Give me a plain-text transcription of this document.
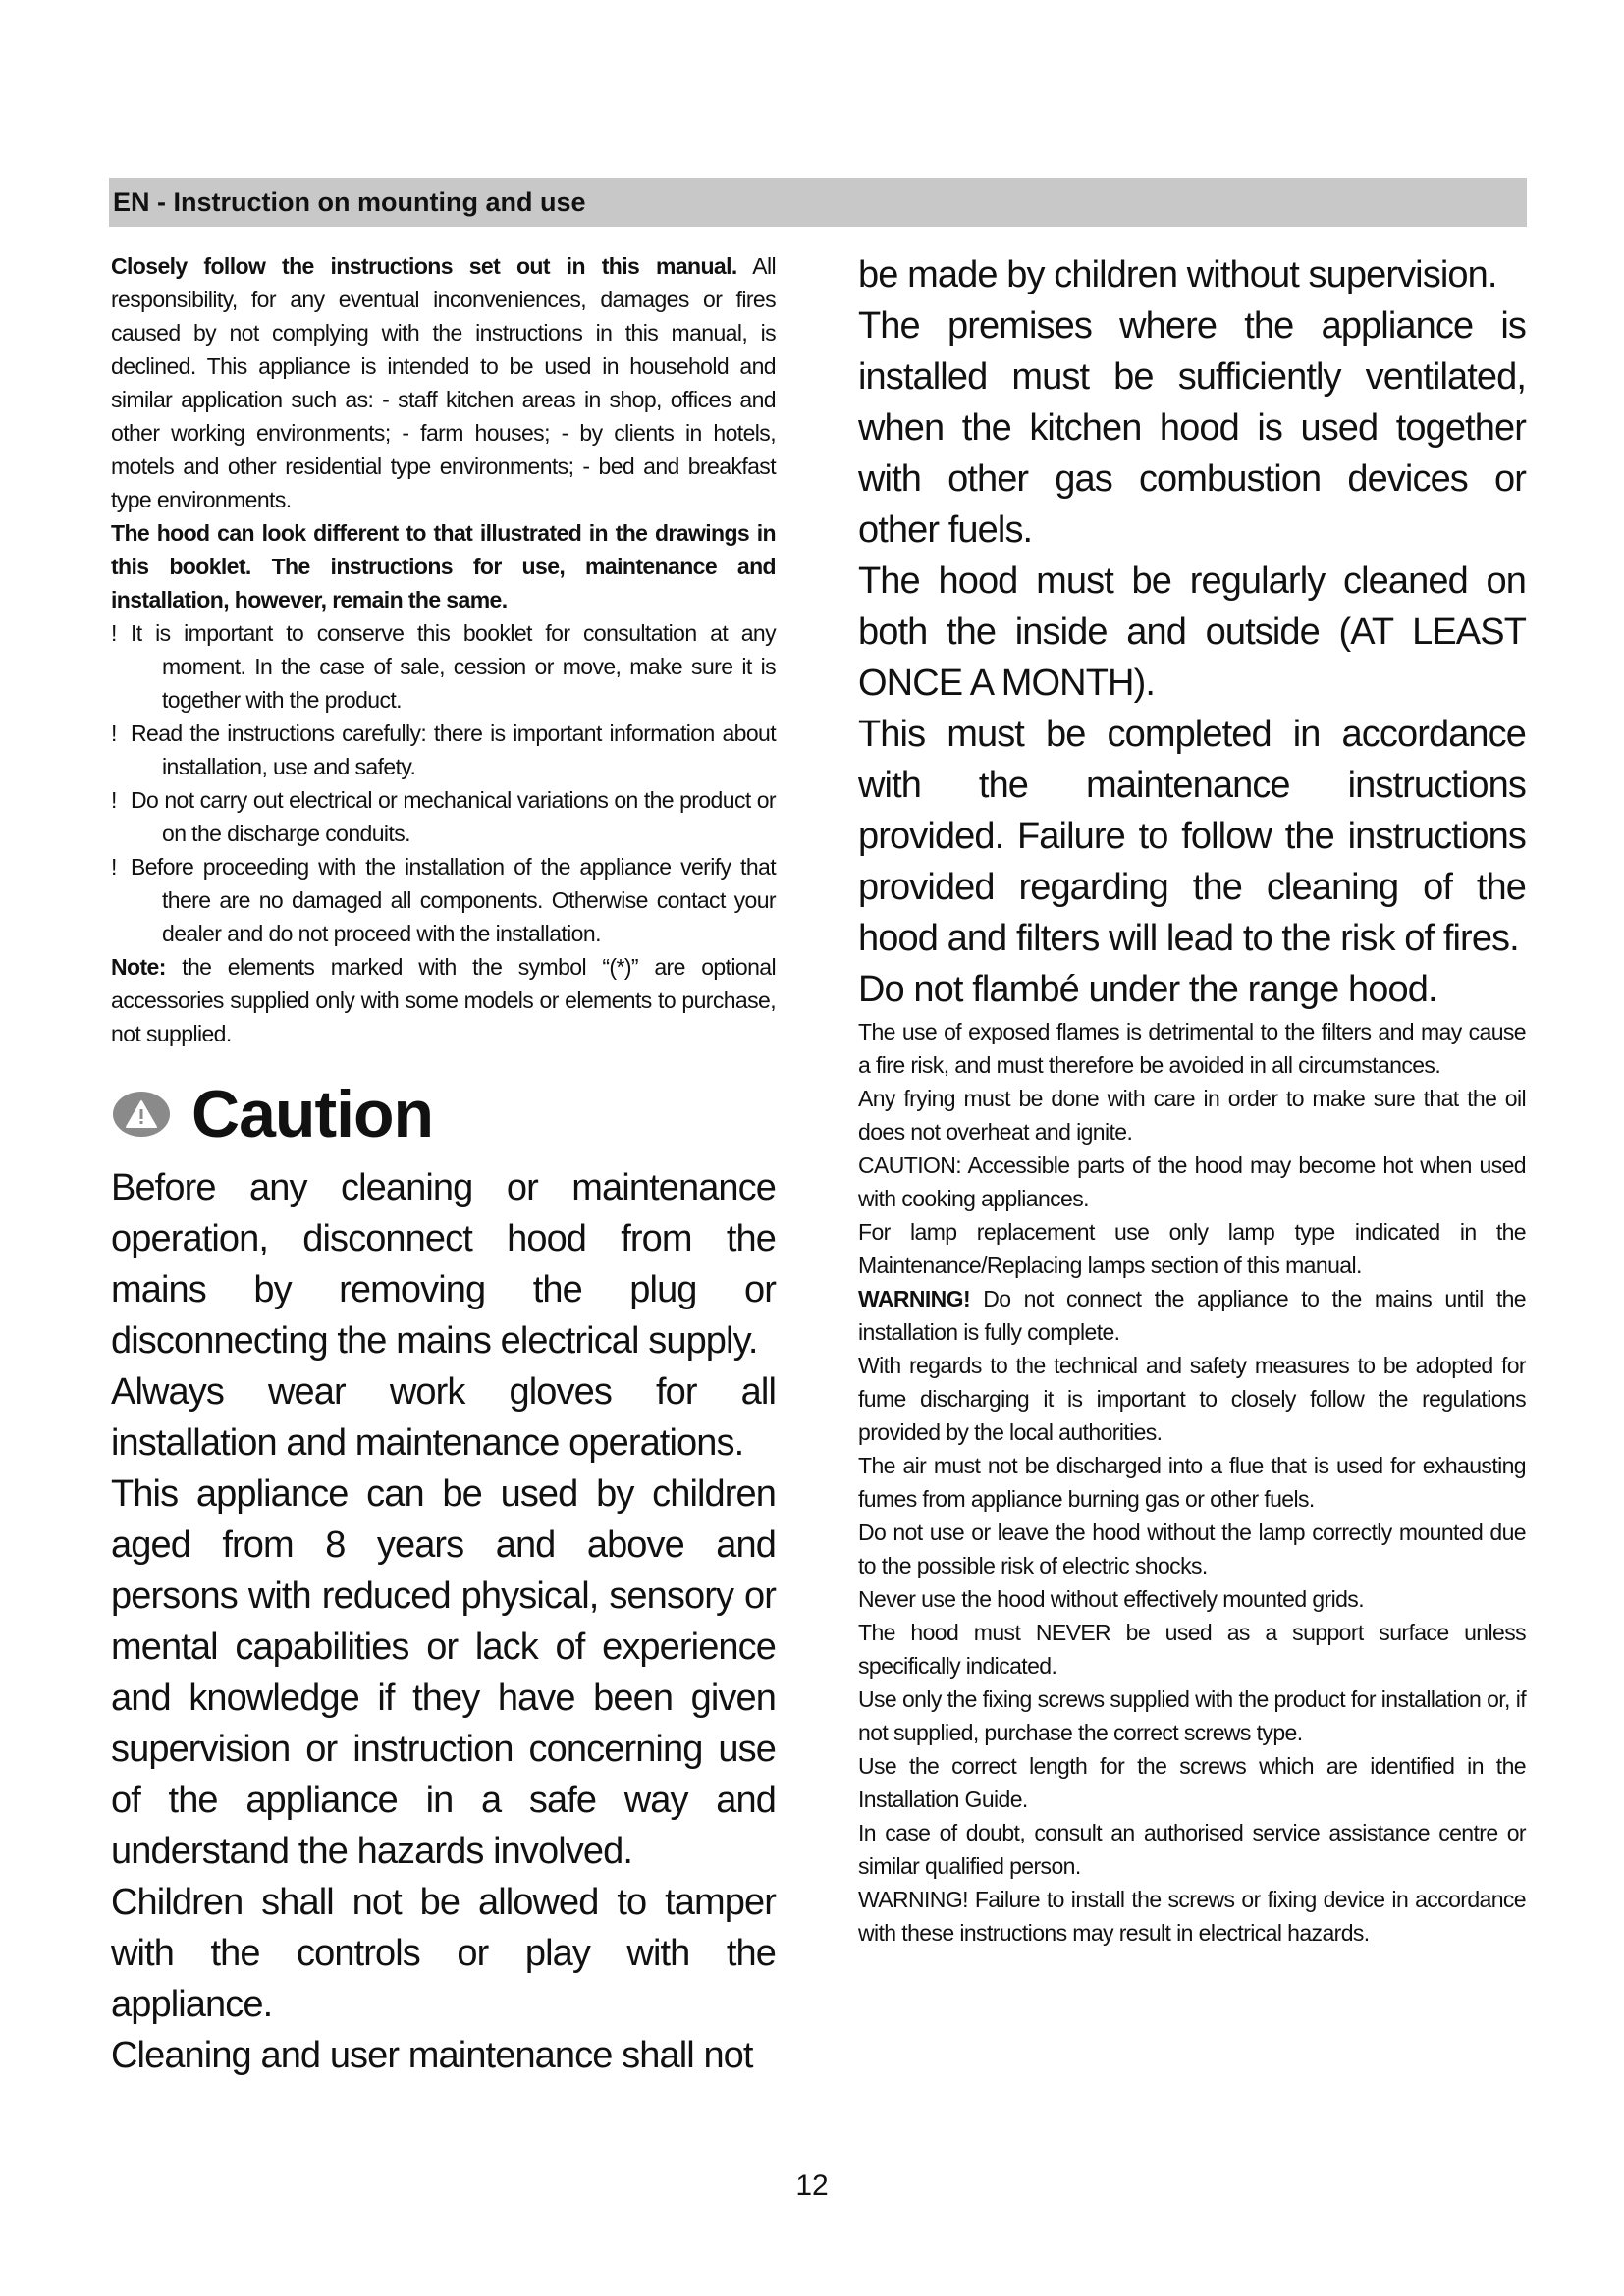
EN - Instruction on mounting and use

Closely follow the instructions set out in this manual. All responsibility, for any eventual inconveniences, damages or fires caused by not complying with the instructions in this manual, is declined. This appliance is intended to be used in household and similar application such as: - staff kitchen areas in shop, offices and other working environments; - farm houses; - by clients in hotels, motels and other residential type environments; - bed and breakfast type environments.

The hood can look different to that illustrated in the drawings in this booklet. The instructions for use, maintenance and installation, however, remain the same.

! It is important to conserve this booklet for consultation at any moment. In the case of sale, cession or move, make sure it is together with the product.

! Read the instructions carefully: there is important information about installation, use and safety.

! Do not carry out electrical or mechanical variations on the product or on the discharge conduits.

! Before proceeding with the installation of the appliance verify that there are no damaged all components. Otherwise contact your dealer and do not proceed with the installation.

Note: the elements marked with the symbol “(*)” are optional accessories supplied only with some models or elements to purchase, not supplied.

Caution

Before any cleaning or maintenance operation, disconnect hood from the mains by removing the plug or disconnecting the mains electrical supply.

Always wear work gloves for all installation and maintenance operations.

This appliance can be used by children aged from 8 years and above and persons with reduced physical, sensory or mental capabilities or lack of experience and knowledge if they have been given supervision or instruction concerning use of the appliance in a safe way and understand the hazards involved.

Children shall not be allowed to tamper with the controls or play with the appliance.

Cleaning and user maintenance shall not

be made by children without supervision.

The premises where the appliance is installed must be sufficiently ventilated, when the kitchen hood is used together with other gas combustion devices or other fuels.

The hood must be regularly cleaned on both the inside and outside (AT LEAST ONCE A MONTH).

This must be completed in accordance with the maintenance instructions provided. Failure to follow the instructions provided regarding the cleaning of the hood and filters will lead to the risk of fires.

Do not flambé under the range hood.

The use of exposed flames is detrimental to the filters and may cause a fire risk, and must therefore be avoided in all circumstances.

Any frying must be done with care in order to make sure that the oil does not overheat and ignite.

CAUTION: Accessible parts of the hood may become hot when used with cooking appliances.

For lamp replacement use only lamp type indicated in the Maintenance/Replacing lamps section of this manual.

WARNING! Do not connect the appliance to the mains until the installation is fully complete.

With regards to the technical and safety measures to be adopted for fume discharging it is important to closely follow the regulations provided by the local authorities.

The air must not be discharged into a flue that is used for exhausting fumes from appliance burning gas or other fuels.

Do not use or leave the hood without the lamp correctly mounted due to the possible risk of electric shocks.

Never use the hood without effectively mounted grids.

The hood must NEVER be used as a support surface unless specifically indicated.

Use only the fixing screws supplied with the product for installation or, if not supplied, purchase the correct screws type.

Use the correct length for the screws which are identified in the Installation Guide.

In case of doubt, consult an authorised service assistance centre or similar qualified person.

WARNING! Failure to install the screws or fixing device in accordance with these instructions may result in electrical hazards.

12
